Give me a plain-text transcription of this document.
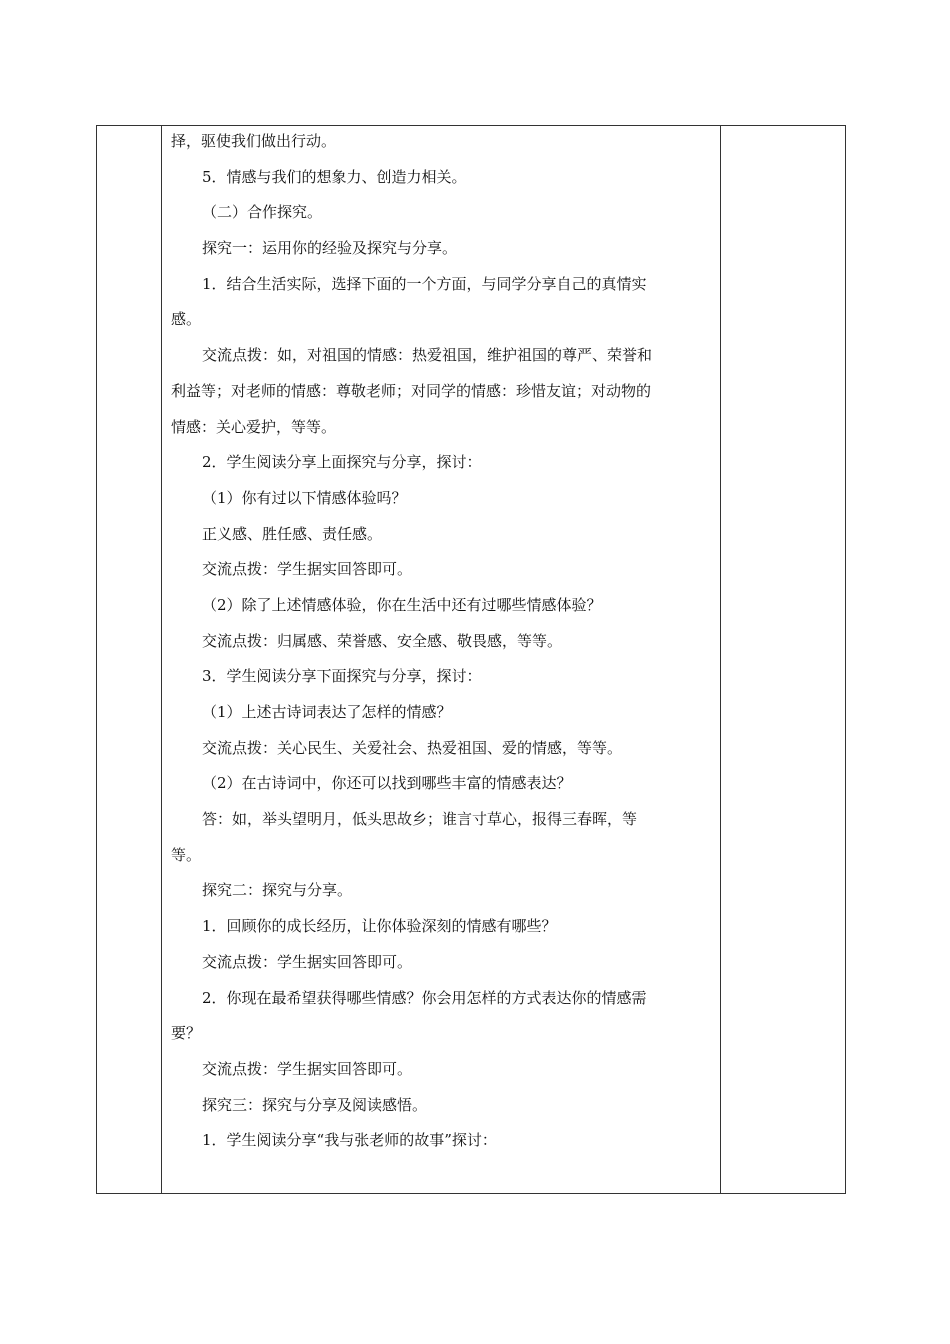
择，驱使我们做出行动。
5．情感与我们的想象力、创造力相关。
（二）合作探究。
探究一：运用你的经验及探究与分享。
1．结合生活实际，选择下面的一个方面，与同学分享自己的真情实
感。
交流点拨：如，对祖国的情感：热爱祖国，维护祖国的尊严、荣誉和
利益等；对老师的情感：尊敬老师；对同学的情感：珍惜友谊；对动物的
情感：关心爱护，等等。
2．学生阅读分享上面探究与分享，探讨：
（1）你有过以下情感体验吗？
正义感、胜任感、责任感。
交流点拨：学生据实回答即可。
（2）除了上述情感体验，你在生活中还有过哪些情感体验？
交流点拨：归属感、荣誉感、安全感、敬畏感，等等。
3．学生阅读分享下面探究与分享，探讨：
（1）上述古诗词表达了怎样的情感？
交流点拨：关心民生、关爱社会、热爱祖国、爱的情感，等等。
（2）在古诗词中，你还可以找到哪些丰富的情感表达？
答：如，举头望明月，低头思故乡；谁言寸草心，报得三春晖，等
等。
探究二：探究与分享。
1．回顾你的成长经历，让你体验深刻的情感有哪些？
交流点拨：学生据实回答即可。
2．你现在最希望获得哪些情感？你会用怎样的方式表达你的情感需
要？
交流点拨：学生据实回答即可。
探究三：探究与分享及阅读感悟。
1．学生阅读分享“我与张老师的故事”探讨：
